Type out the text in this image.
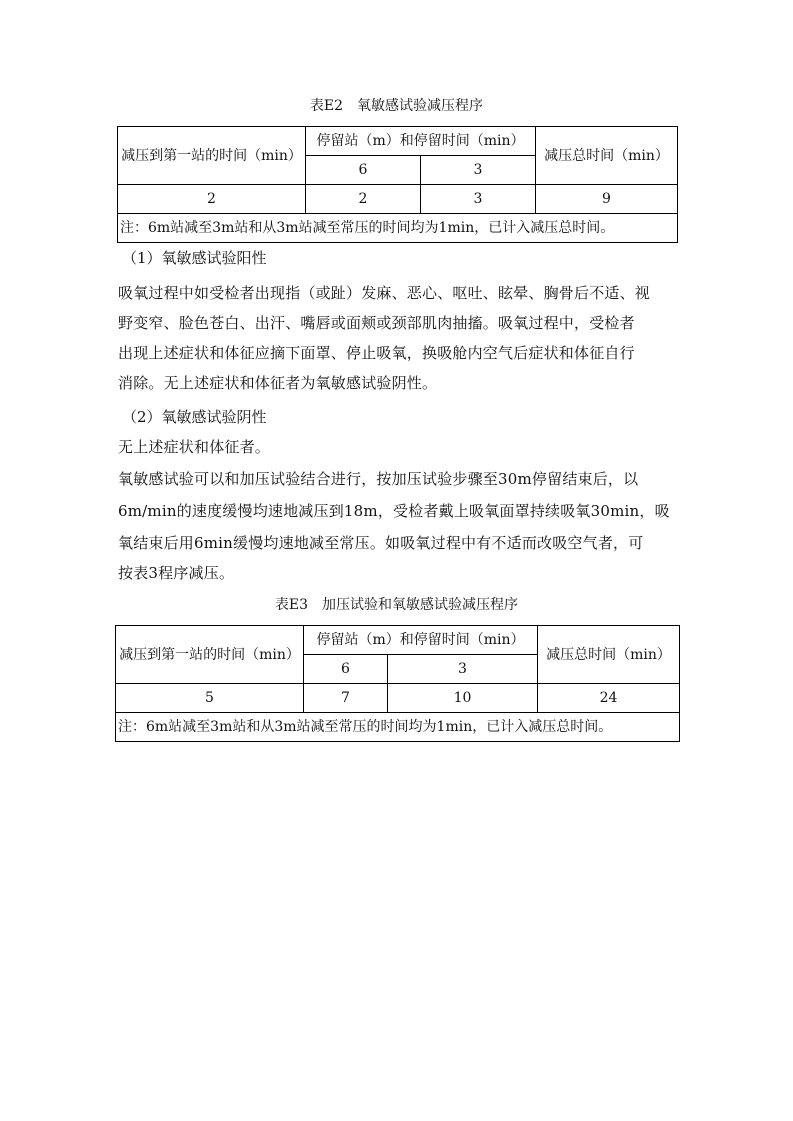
表E2　氧敏感试验减压程序
减压到第一站的时间（min）	停留站（m）和停留时间（min）		减压总时间（min）
	6	3	
2	2	3	9
注：6m站减至3m站和从3m站减至常压的时间均为1min，已计入减压总时间。			
（1）氧敏感试验阳性
吸氧过程中如受检者出现指（或趾）发麻、恶心、呕吐、眩晕、胸骨后不适、视
野变窄、脸色苍白、出汗、嘴唇或面颊或颈部肌肉抽搐。吸氧过程中，受检者
出现上述症状和体征应摘下面罩、停止吸氧，换吸舱内空气后症状和体征自行
消除。无上述症状和体征者为氧敏感试验阴性。
（2）氧敏感试验阴性
无上述症状和体征者。
氧敏感试验可以和加压试验结合进行，按加压试验步骤至30m停留结束后，以
6m/min的速度缓慢均速地减压到18m，受检者戴上吸氧面罩持续吸氧30min，吸
氧结束后用6min缓慢均速地减至常压。如吸氧过程中有不适而改吸空气者，可
按表3程序减压。
表E3　加压试验和氧敏感试验减压程序
减压到第一站的时间（min）	停留站（m）和停留时间（min）		减压总时间（min）
	6	3	
5	7	10	24
注：6m站减至3m站和从3m站减至常压的时间均为1min，已计入减压总时间。			
